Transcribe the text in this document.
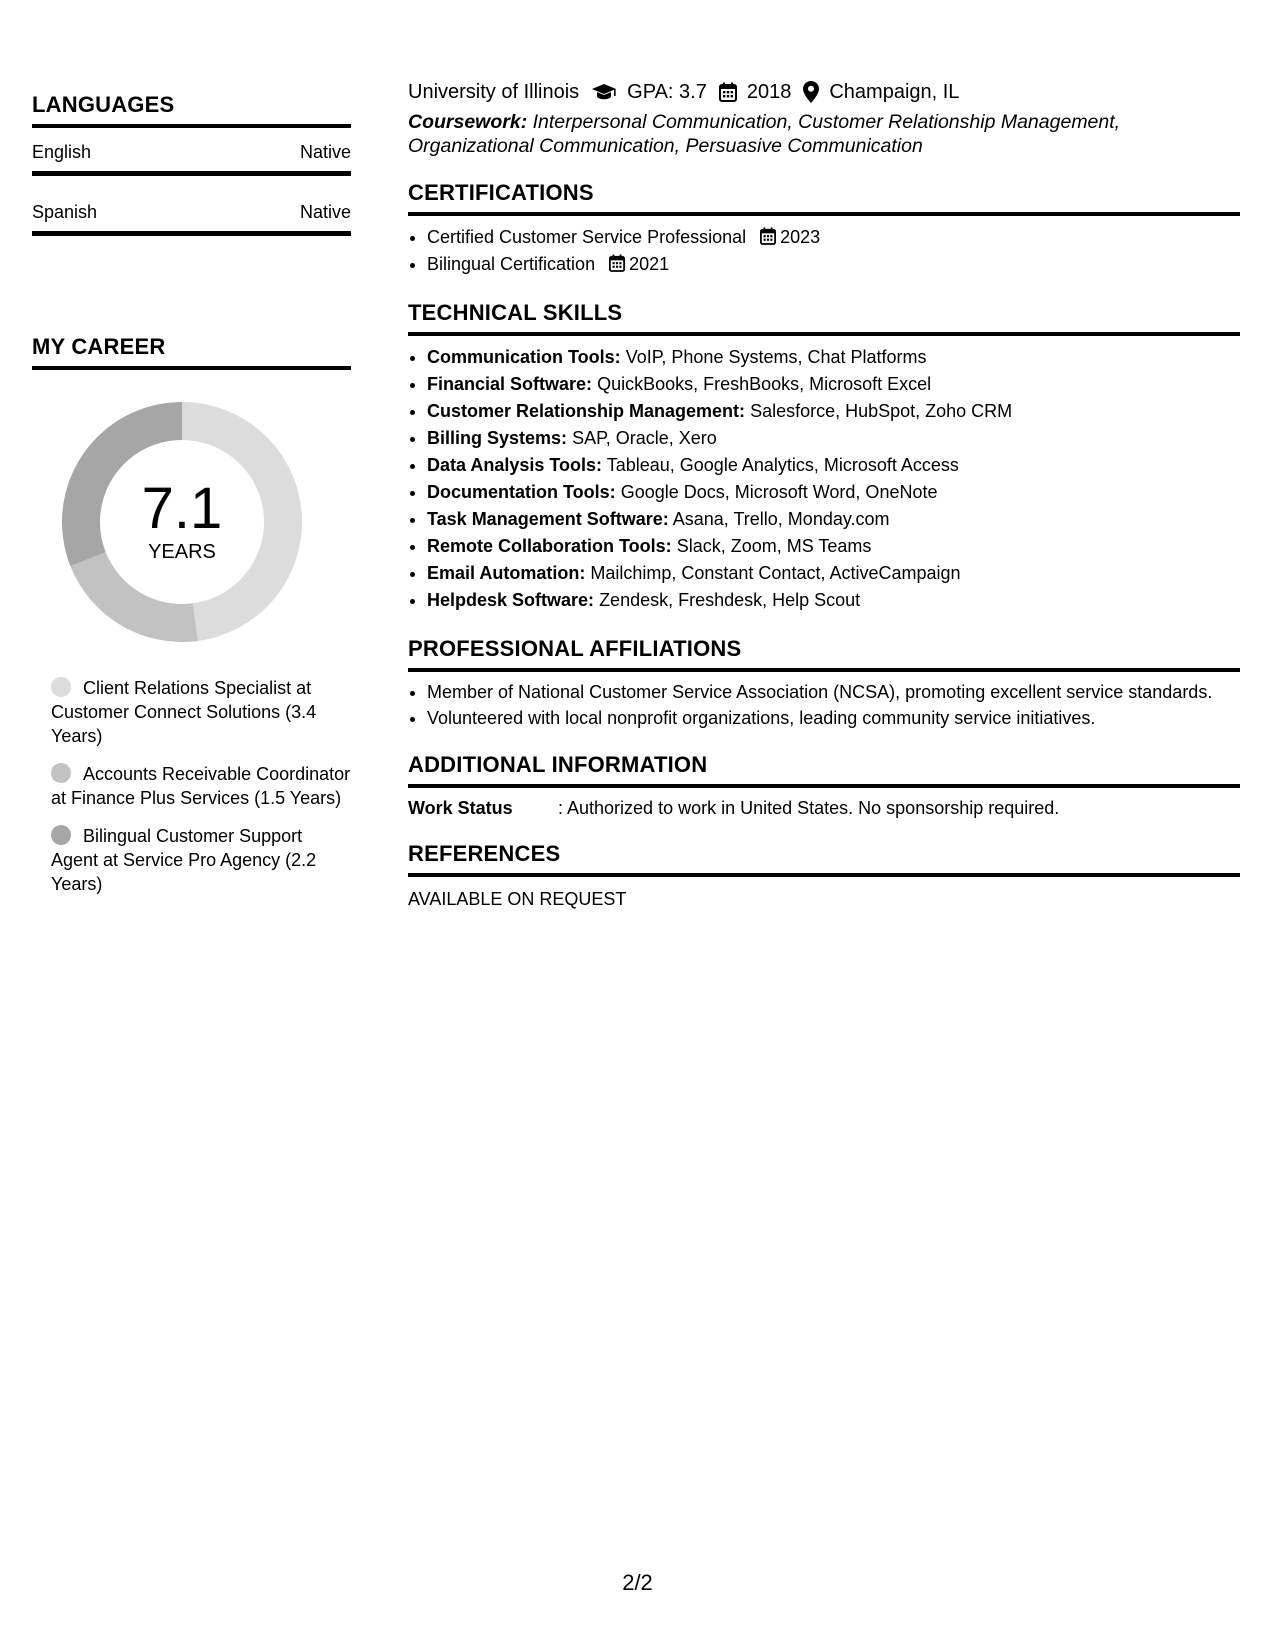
LANGUAGES
English	Native
Spanish	Native
MY CAREER
7.1
YEARS
Client Relations Specialist at Customer Connect Solutions (3.4 Years)
Accounts Receivable Coordinator at Finance Plus Services (1.5 Years)
Bilingual Customer Support Agent at Service Pro Agency (2.2 Years)
University of Illinois GPA: 3.7 2018 Champaign, IL
Coursework: Interpersonal Communication, Customer Relationship Management, Organizational Communication, Persuasive Communication
CERTIFICATIONS
• Certified Customer Service Professional 2023
• Bilingual Certification 2021
TECHNICAL SKILLS
• Communication Tools: VoIP, Phone Systems, Chat Platforms
• Financial Software: QuickBooks, FreshBooks, Microsoft Excel
• Customer Relationship Management: Salesforce, HubSpot, Zoho CRM
• Billing Systems: SAP, Oracle, Xero
• Data Analysis Tools: Tableau, Google Analytics, Microsoft Access
• Documentation Tools: Google Docs, Microsoft Word, OneNote
• Task Management Software: Asana, Trello, Monday.com
• Remote Collaboration Tools: Slack, Zoom, MS Teams
• Email Automation: Mailchimp, Constant Contact, ActiveCampaign
• Helpdesk Software: Zendesk, Freshdesk, Help Scout
PROFESSIONAL AFFILIATIONS
• Member of National Customer Service Association (NCSA), promoting excellent service standards.
• Volunteered with local nonprofit organizations, leading community service initiatives.
ADDITIONAL INFORMATION
Work Status	: Authorized to work in United States. No sponsorship required.
REFERENCES
AVAILABLE ON REQUEST
2/2
